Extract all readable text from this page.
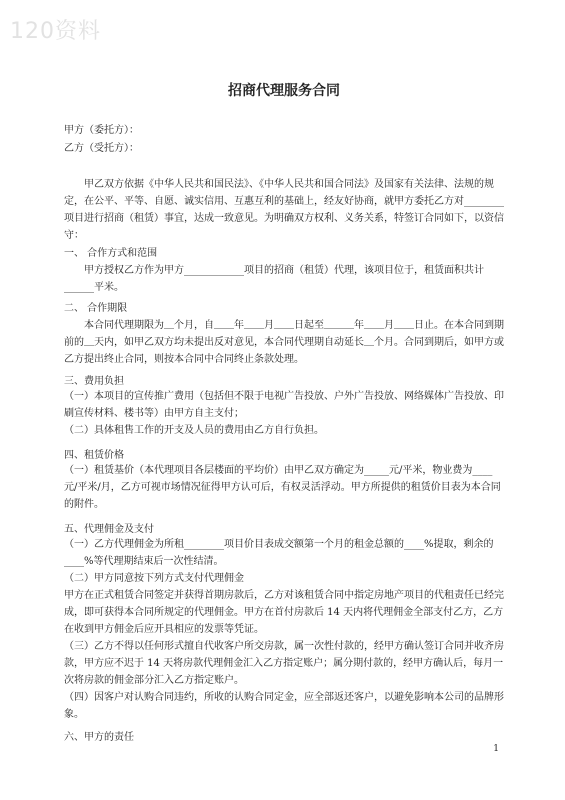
120资料
招商代理服务合同
甲方（委托方）：
乙方（受托方）：
甲乙双方依据《中华人民共和国民法》、《中华人民共和国合同法》及国家有关法律、法规的规定，在公平、平等、自愿、诚实信用、互惠互利的基础上，经友好协商，就甲方委托乙方对________项目进行招商（租赁）事宜，达成一致意见。为明确双方权利、义务关系，特签订合同如下，以资信守：
一、 合作方式和范围
甲方授权乙方作为甲方____________项目的招商（租赁）代理，该项目位于，租赁面积共计______平米。
二、 合作期限
本合同代理期限为＿个月，自＿＿年＿＿月＿＿日起至＿＿＿年＿＿月＿＿日止。在本合同到期前的＿天内，如甲乙双方均未提出反对意见，本合同代理期自动延长＿个月。合同到期后，如甲方或乙方提出终止合同，则按本合同中合同终止条款处理。
三、费用负担
（一）本项目的宣传推广费用（包括但不限于电视广告投放、户外广告投放、网络媒体广告投放、印刷宣传材料、楼书等）由甲方自主支付；
（二）具体租售工作的开支及人员的费用由乙方自行负担。
四、租赁价格
（一）租赁基价（本代理项目各层楼面的平均价）由甲乙双方确定为_____元/平米，物业费为____元/平米/月，乙方可视市场情况征得甲方认可后，有权灵活浮动。甲方所提供的租赁价目表为本合同的附件。
五、代理佣金及支付
（一）乙方代理佣金为所租________项目价目表成交额第一个月的租金总额的____%提取，剩余的____%等代理期结束后一次性结清。
（二）甲方同意按下列方式支付代理佣金
甲方在正式租赁合同签定并获得首期房款后，乙方对该租赁合同中指定房地产项目的代租责任已经完成，即可获得本合同所规定的代理佣金。甲方在首付房款后 14 天内将代理佣金全部支付乙方，乙方在收到甲方佣金后应开具相应的发票等凭证。
（三）乙方不得以任何形式擅自代收客户所交房款，属一次性付款的，经甲方确认签订合同并收齐房款，甲方应不迟于 14 天将房款代理佣金汇入乙方指定账户；属分期付款的，经甲方确认后，每月一次将房款的佣金部分汇入乙方指定账户。
（四）因客户对认购合同违约，所收的认购合同定金，应全部返还客户，以避免影响本公司的品牌形象。
六、甲方的责任
1
